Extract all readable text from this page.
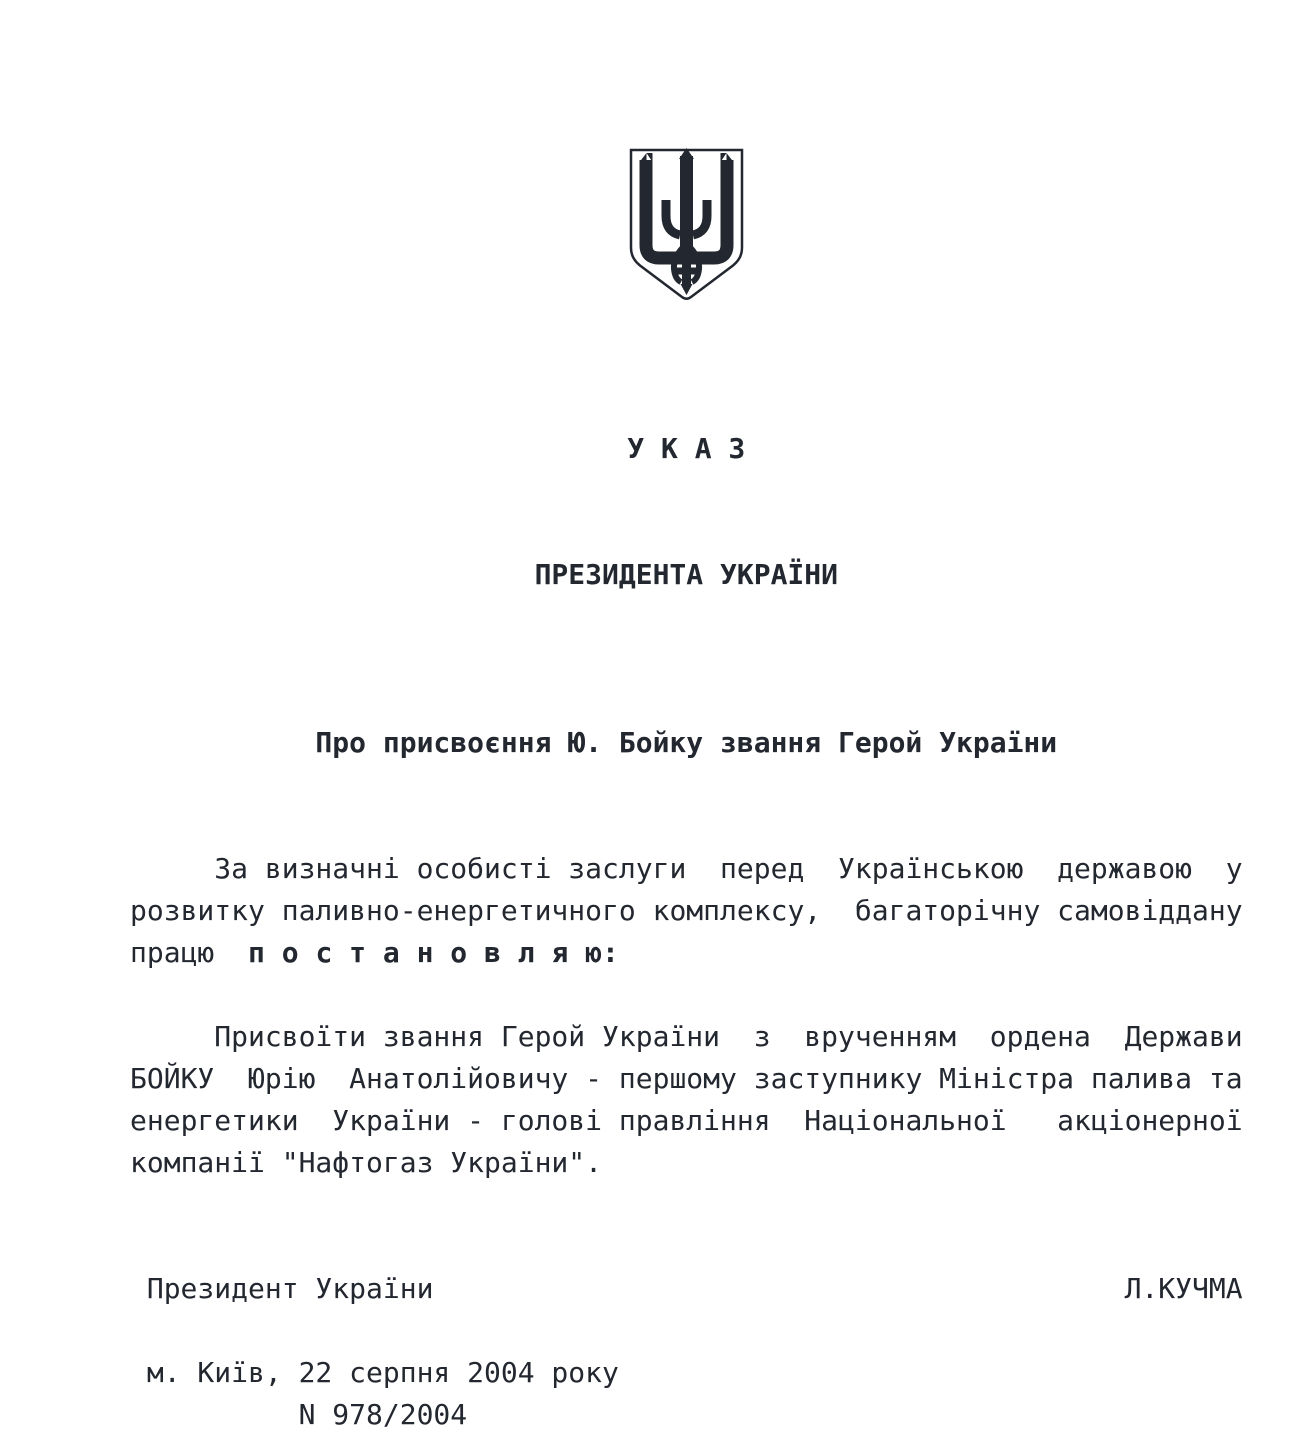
У К А З

ПРЕЗИДЕНТА УКРАЇНИ

Про присвоєння Ю. Бойку звання Герой України
За визначні особисті заслуги  перед  Українською  державою  у
розвитку паливно-енергетичного комплексу,  багаторічну самовіддану
працю  п о с т а н о в л я ю:
Присвоїти звання Герой України  з  врученням  ордена  Держави
БОЙКУ  Юрію  Анатолійовичу - першому заступнику Міністра палива та
енергетики  України - голові правління  Національної   акціонерної
компанії "Нафтогаз України".
Президент України	Л.КУЧМА
м. Київ, 22 серпня 2004 року
N 978/2004
